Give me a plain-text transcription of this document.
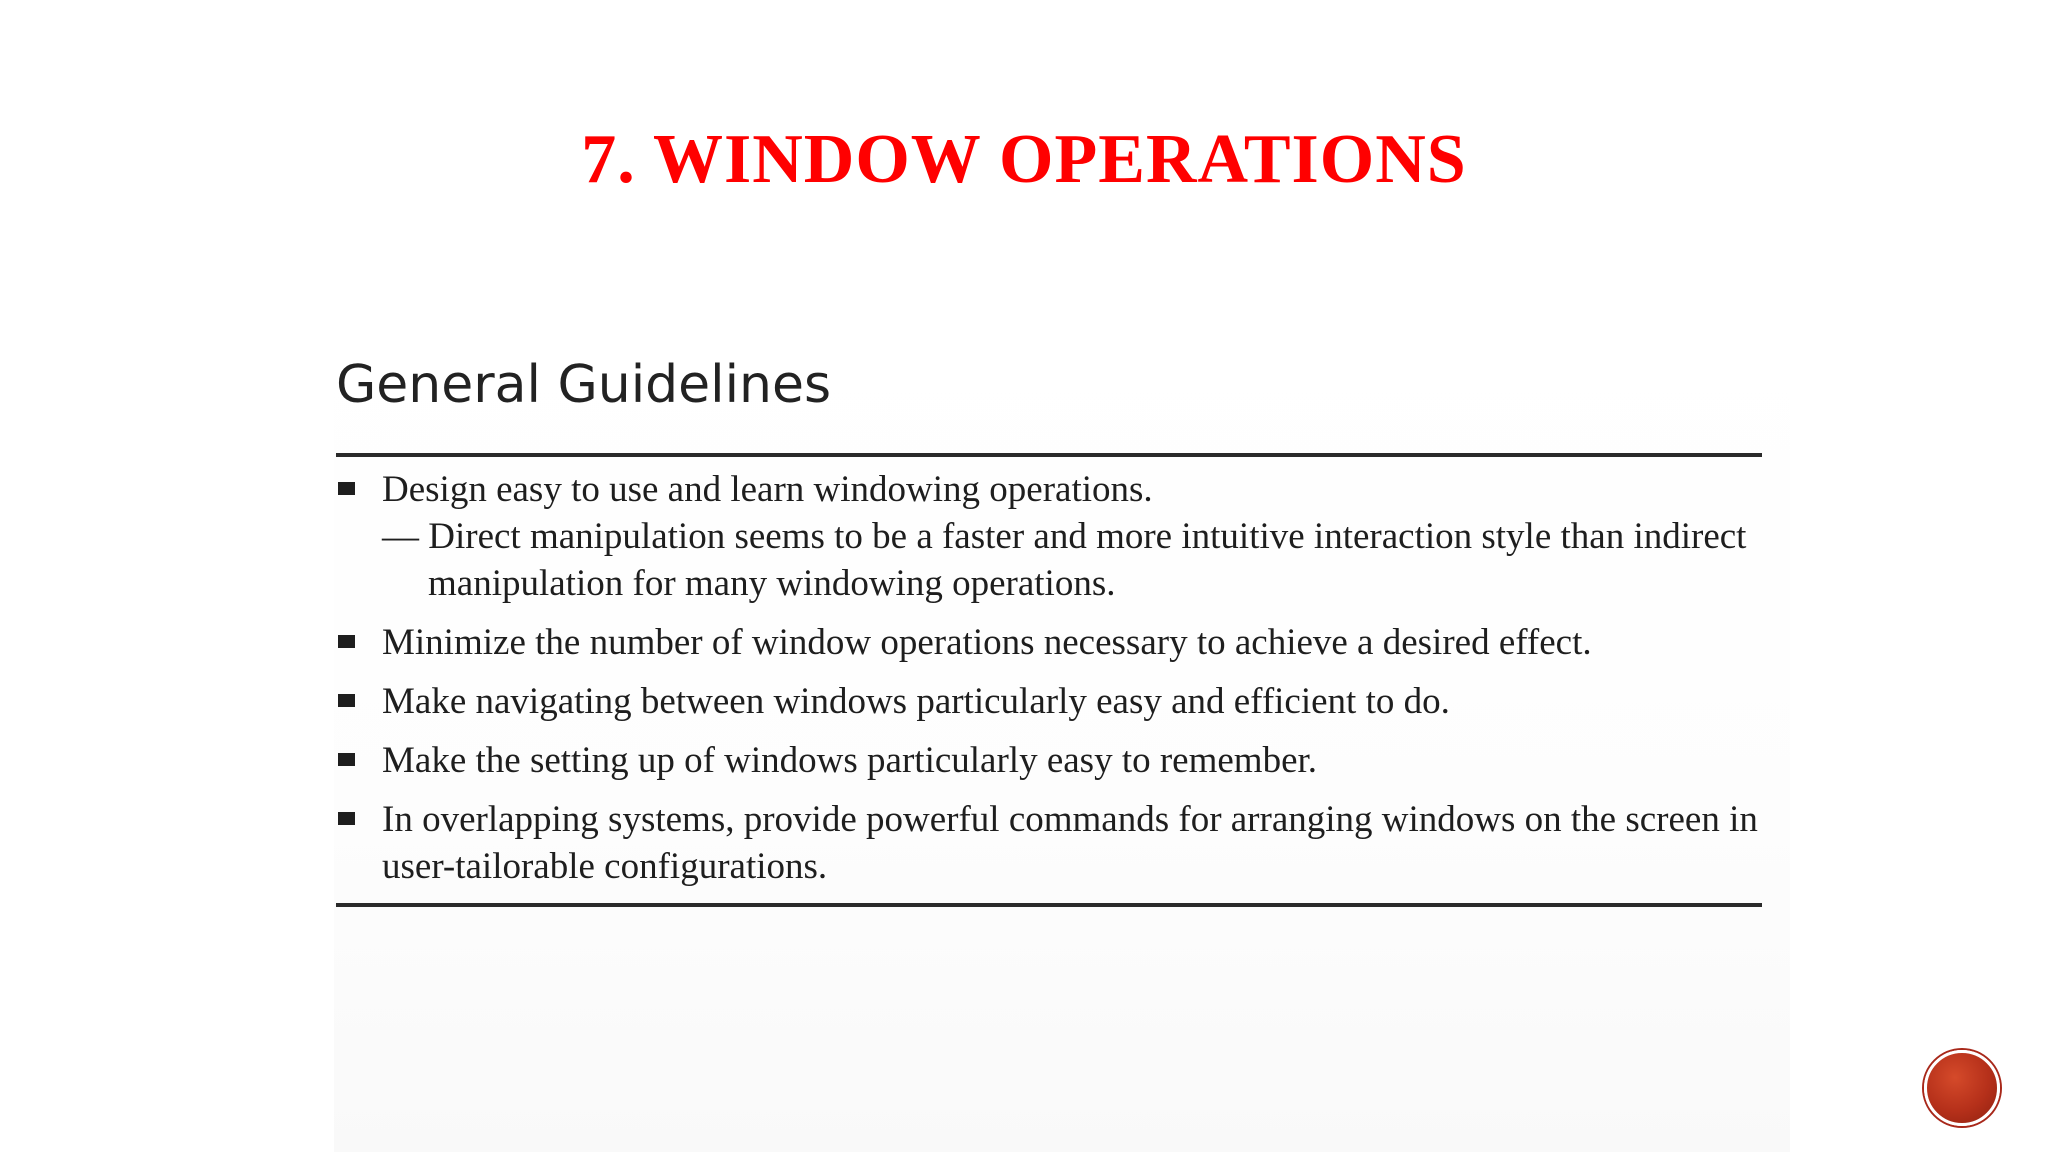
7. WINDOW OPERATIONS
General Guidelines
Design easy to use and learn windowing operations.
— Direct manipulation seems to be a faster and more intuitive interaction style than indirect manipulation for many windowing operations.
Minimize the number of window operations necessary to achieve a desired effect.
Make navigating between windows particularly easy and efficient to do.
Make the setting up of windows particularly easy to remember.
In overlapping systems, provide powerful commands for arranging windows on the screen in user-tailorable configurations.
